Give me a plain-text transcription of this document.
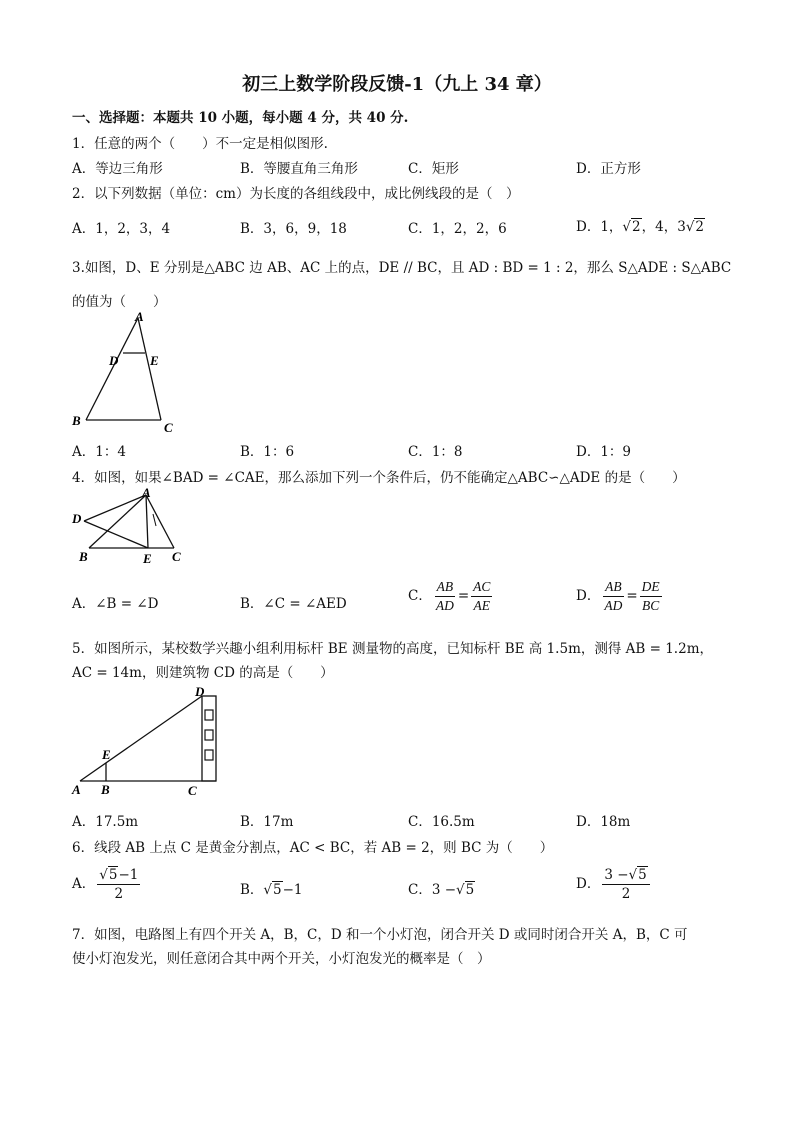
初三上数学阶段反馈-1（九上 34 章）
一、选择题：本题共 10 小题，每小题 4 分，共 40 分.
1．任意的两个（　　）不一定是相似图形.
A．等边三角形	B．等腰直角三角形	C．矩形	D．正方形
2．以下列数据（单位：cm）为长度的各组线段中，成比例线段的是（　）
A．1，2，3，4	B．3，6，9，18	C．1，2，2，6	D．1，√2，4，3√2
3.如图，D、E 分别是△ABC 边 AB、AC 上的点，DE // BC，且 AD : BD = 1 : 2，那么 S△ADE : S△ABC
的值为（　　）
A
D E
B	C
A．1：4	B．1：6	C．1：8	D．1：9
4．如图，如果∠BAD = ∠CAE，那么添加下列一个条件后，仍不能确定△ABC∽△ADE 的是（　　）
A
D
B	E C
A．∠B = ∠D	B．∠C = ∠AED	C． $\frac{AB}{AD} = \frac{AC}{AE}$	D． $\frac{AB}{AD} = \frac{DE}{BC}$
5．如图所示，某校数学兴趣小组利用标杆 BE 测量物的高度，已知标杆 BE 高 1.5m，测得 AB = 1.2m，
AC = 14m，则建筑物 CD 的高是（　　）
D
E
A B	C
A．17.5m	B．17m	C．16.5m	D．18m
6．线段 AB 上点 C 是黄金分割点，AC < BC，若 AB = 2，则 BC 为（　　）
A． $\frac{√5-1}{2}$	B．√5−1	C．3 −√5	D． $\frac{3 -√5}{2}$
7．如图，电路图上有四个开关 A，B，C，D 和一个小灯泡，闭合开关 D 或同时闭合开关 A，B，C 可
使小灯泡发光，则任意闭合其中两个开关，小灯泡发光的概率是（　）
